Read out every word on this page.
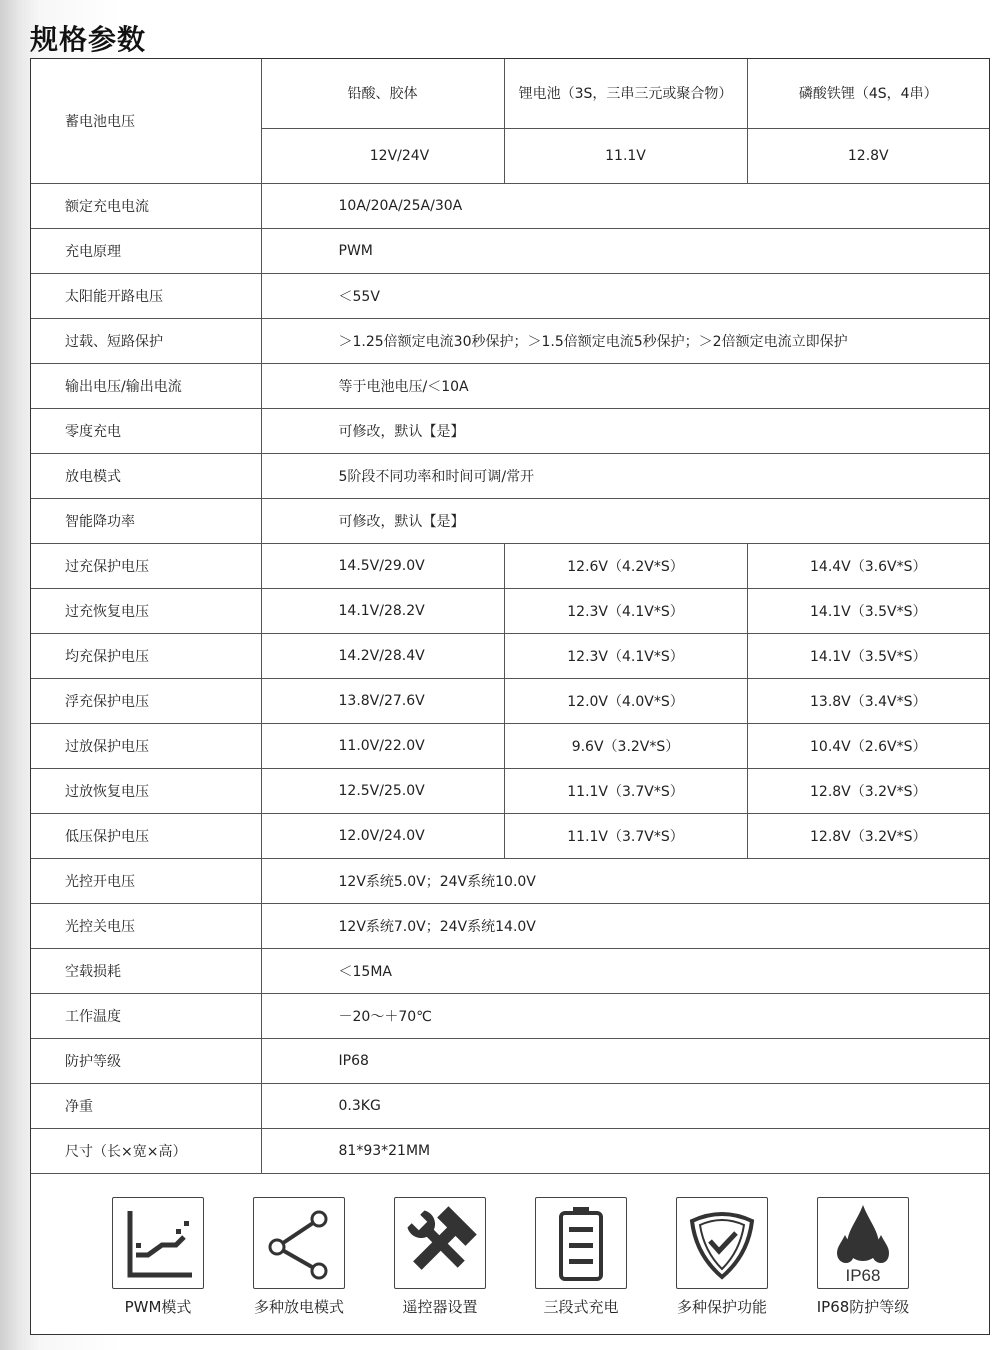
规格参数
蓄电池电压	铅酸、胶体	锂电池（3S，三串三元或聚合物）	磷酸铁锂（4S，4串）
	12V/24V	11.1V	12.8V
额定充电电流	10A/20A/25A/30A		
充电原理	PWM		
太阳能开路电压	＜55V		
过载、短路保护	＞1.25倍额定电流30秒保护；＞1.5倍额定电流5秒保护；＞2倍额定电流立即保护		
输出电压/输出电流	等于电池电压/＜10A		
零度充电	可修改，默认【是】		
放电模式	5阶段不同功率和时间可调/常开		
智能降功率	可修改，默认【是】		
过充保护电压	14.5V/29.0V	12.6V（4.2V*S）	14.4V（3.6V*S）
过充恢复电压	14.1V/28.2V	12.3V（4.1V*S）	14.1V（3.5V*S）
均充保护电压	14.2V/28.4V	12.3V（4.1V*S）	14.1V（3.5V*S）
浮充保护电压	13.8V/27.6V	12.0V（4.0V*S）	13.8V（3.4V*S）
过放保护电压	11.0V/22.0V	9.6V（3.2V*S）	10.4V（2.6V*S）
过放恢复电压	12.5V/25.0V	11.1V（3.7V*S）	12.8V（3.2V*S）
低压保护电压	12.0V/24.0V	11.1V（3.7V*S）	12.8V（3.2V*S）
光控开电压	12V系统5.0V；24V系统10.0V		
光控关电压	12V系统7.0V；24V系统14.0V		
空载损耗	＜15MA		
工作温度	－20～＋70℃		
防护等级	IP68		
净重	0.3KG		
尺寸（长×宽×高）	81*93*21MM		
PWM模式	多种放电模式	遥控器设置	三段式充电	多种保护功能
IP68
IP68防护等级
